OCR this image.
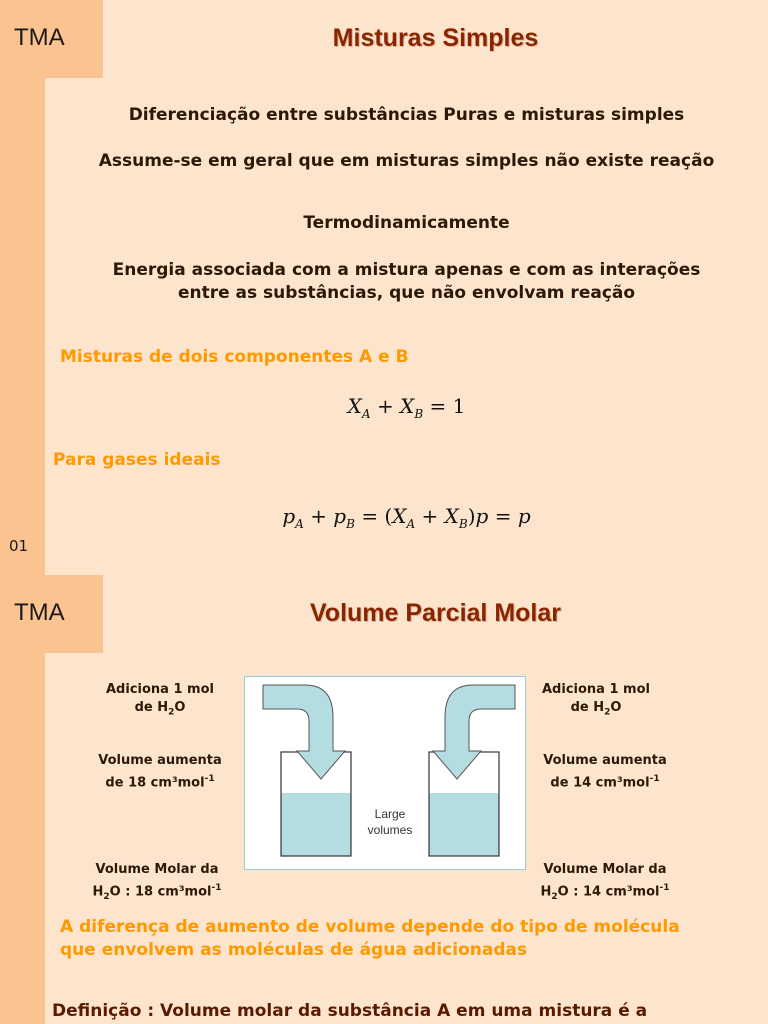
TMA	Misturas Simples
Diferenciação entre substâncias Puras e misturas simples
Assume-se em geral que em misturas simples não existe reação
Termodinamicamente
Energia associada com a mistura apenas e com as interações
entre as substâncias, que não envolvam reação
Misturas de dois componentes A e B
$X_A + X_B = 1$
Para gases ideais
$p_A + p_B = (X_A + X_B)p = p$
01
TMA	Volume Parcial Molar
Adiciona 1 mol
de $H_2O$
Volume aumenta
de 18 cm³mol$^{-1}$
Volume Molar da
$H_2O$ : 18 cm³mol$^{-1}$
Adiciona 1 mol
de $H_2O$
Volume aumenta
de 14 cm³mol$^{-1}$
Volume Molar da
$H_2O$ : 14 cm³mol$^{-1}$
Large
volumes
A diferença de aumento de volume depende do tipo de molécula
que envolvem as moléculas de água adicionadas
Definição : Volume molar da substância A em uma mistura é a
